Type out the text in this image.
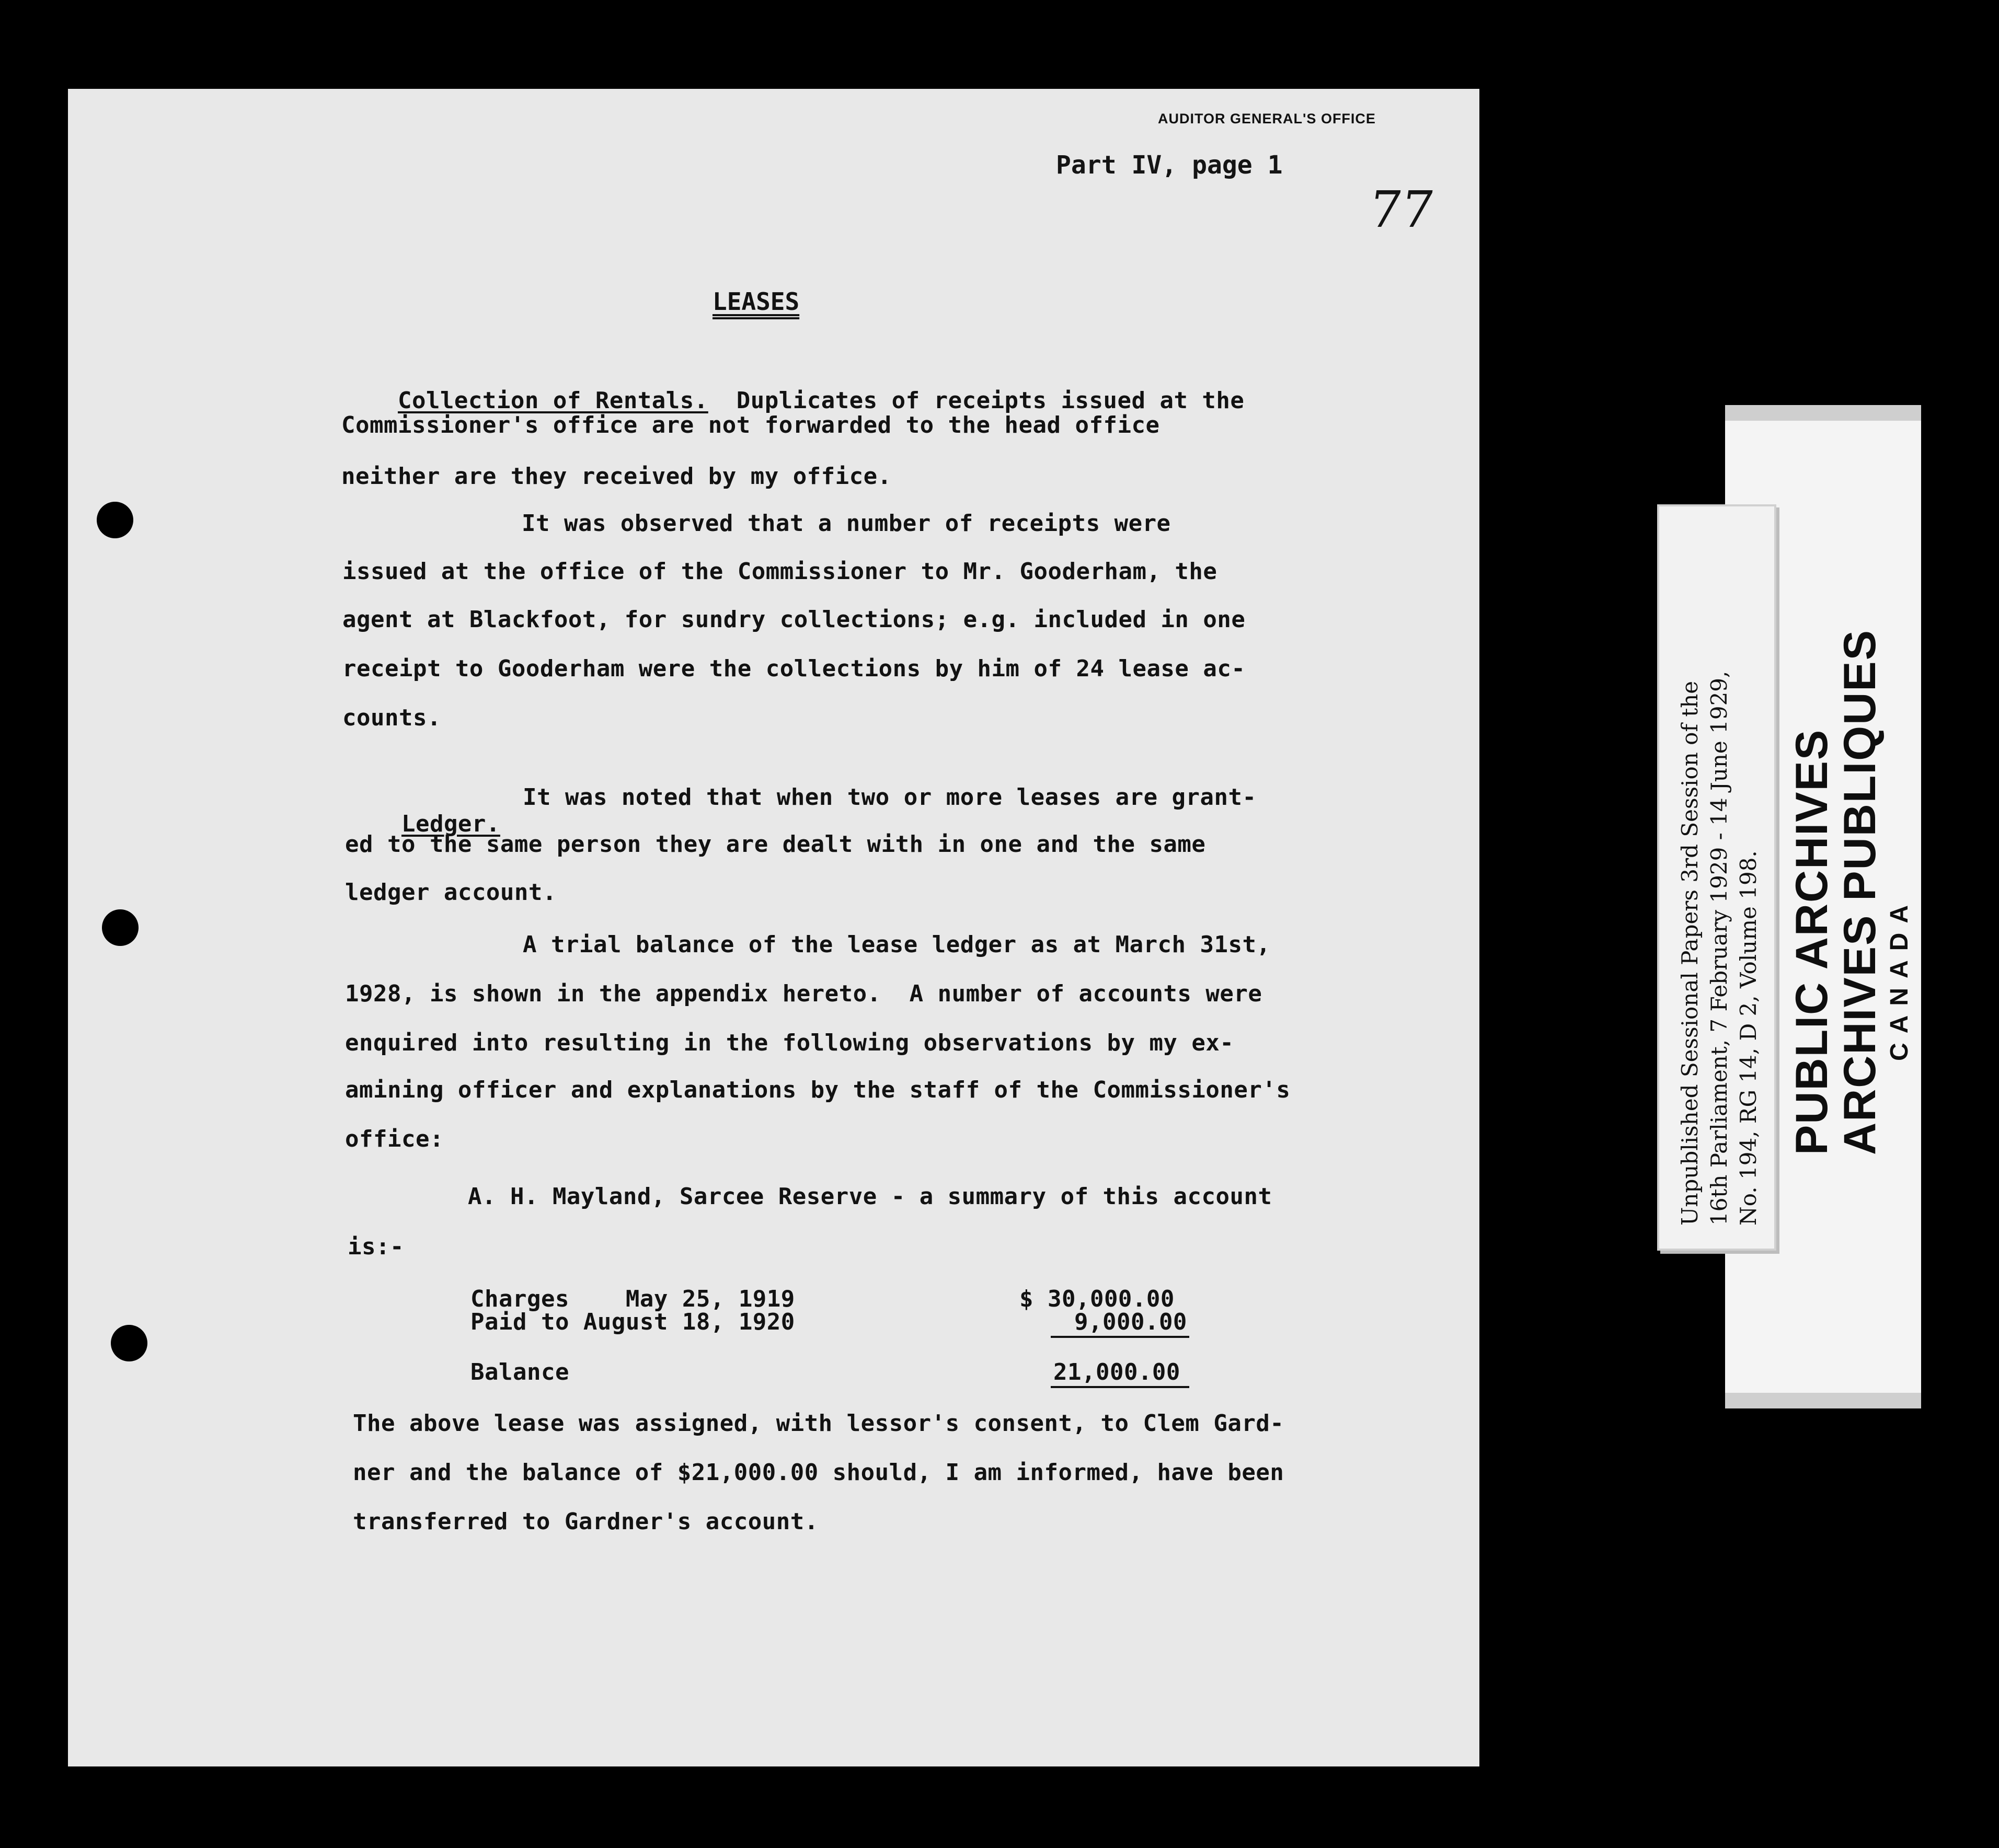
AUDITOR GENERAL'S OFFICE
Part IV, page 1
77
LEASES

Collection of Rentals.  Duplicates of receipts issued at the

Commissioner's office are not forwarded to the head office
neither are they received by my office.
It was observed that a number of receipts were
issued at the office of the Commissioner to Mr. Gooderham, the
agent at Blackfoot, for sundry collections; e.g. included in one
receipt to Gooderham were the collections by him of 24 lease ac-
counts.

Ledger.

It was noted that when two or more leases are grant-
ed to the same person they are dealt with in one and the same
ledger account.
A trial balance of the lease ledger as at March 31st,
1928, is shown in the appendix hereto.  A number of accounts were
enquired into resulting in the following observations by my ex-
amining officer and explanations by the staff of the Commissioner's
office:
A. H. Mayland, Sarcee Reserve - a summary of this account
is:-
Charges    May 25, 1919	$ 30,000.00
Paid to August 18, 1920	9,000.00
Balance	21,000.00
The above lease was assigned, with lessor's consent, to Clem Gard-
ner and the balance of $21,000.00 should, I am informed, have been
transferred to Gardner's account.
PUBLIC ARCHIVES
ARCHIVES PUBLIQUES CANADA
Unpublished Sessional Papers 3rd Session of the 16th Parliament, 7 February 1929 - 14 June 1929, No. 194, RG 14, D 2, Volume 198.
